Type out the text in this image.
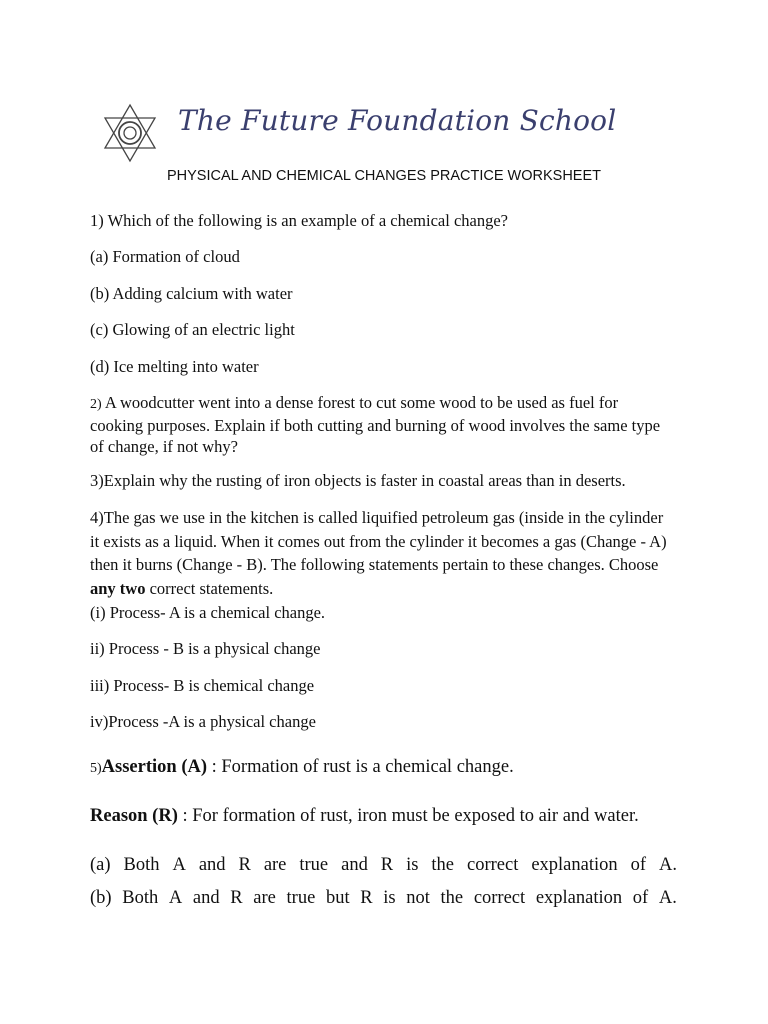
The Future Foundation School
PHYSICAL AND CHEMICAL CHANGES PRACTICE WORKSHEET
1) Which of the following is an example of a chemical change?
(a) Formation of cloud
(b) Adding calcium with water
(c) Glowing of an electric light
(d) Ice melting into water
2) A woodcutter went into a dense forest to cut some wood to be used as fuel for cooking purposes. Explain if both cutting and burning of wood involves the same type of change, if not why?
3)Explain why the rusting of iron objects is faster in coastal areas than in deserts.
4)The gas we use in the kitchen is called liquified petroleum gas (inside in the cylinder it exists as a liquid. When it comes out from the cylinder it becomes a gas (Change - A) then it burns (Change - B). The following statements pertain to these changes. Choose any two correct statements.
(i) Process- A is a chemical change.
ii) Process - B is a physical change
iii) Process- B is chemical change
iv)Process -A is a physical change
5)Assertion (A) : Formation of rust is a chemical change.
Reason (R) : For formation of rust, iron must be exposed to air and water.
(a) Both A and R are true and R is the correct explanation of A.
(b) Both A and R are true but R is not the correct explanation of A.
